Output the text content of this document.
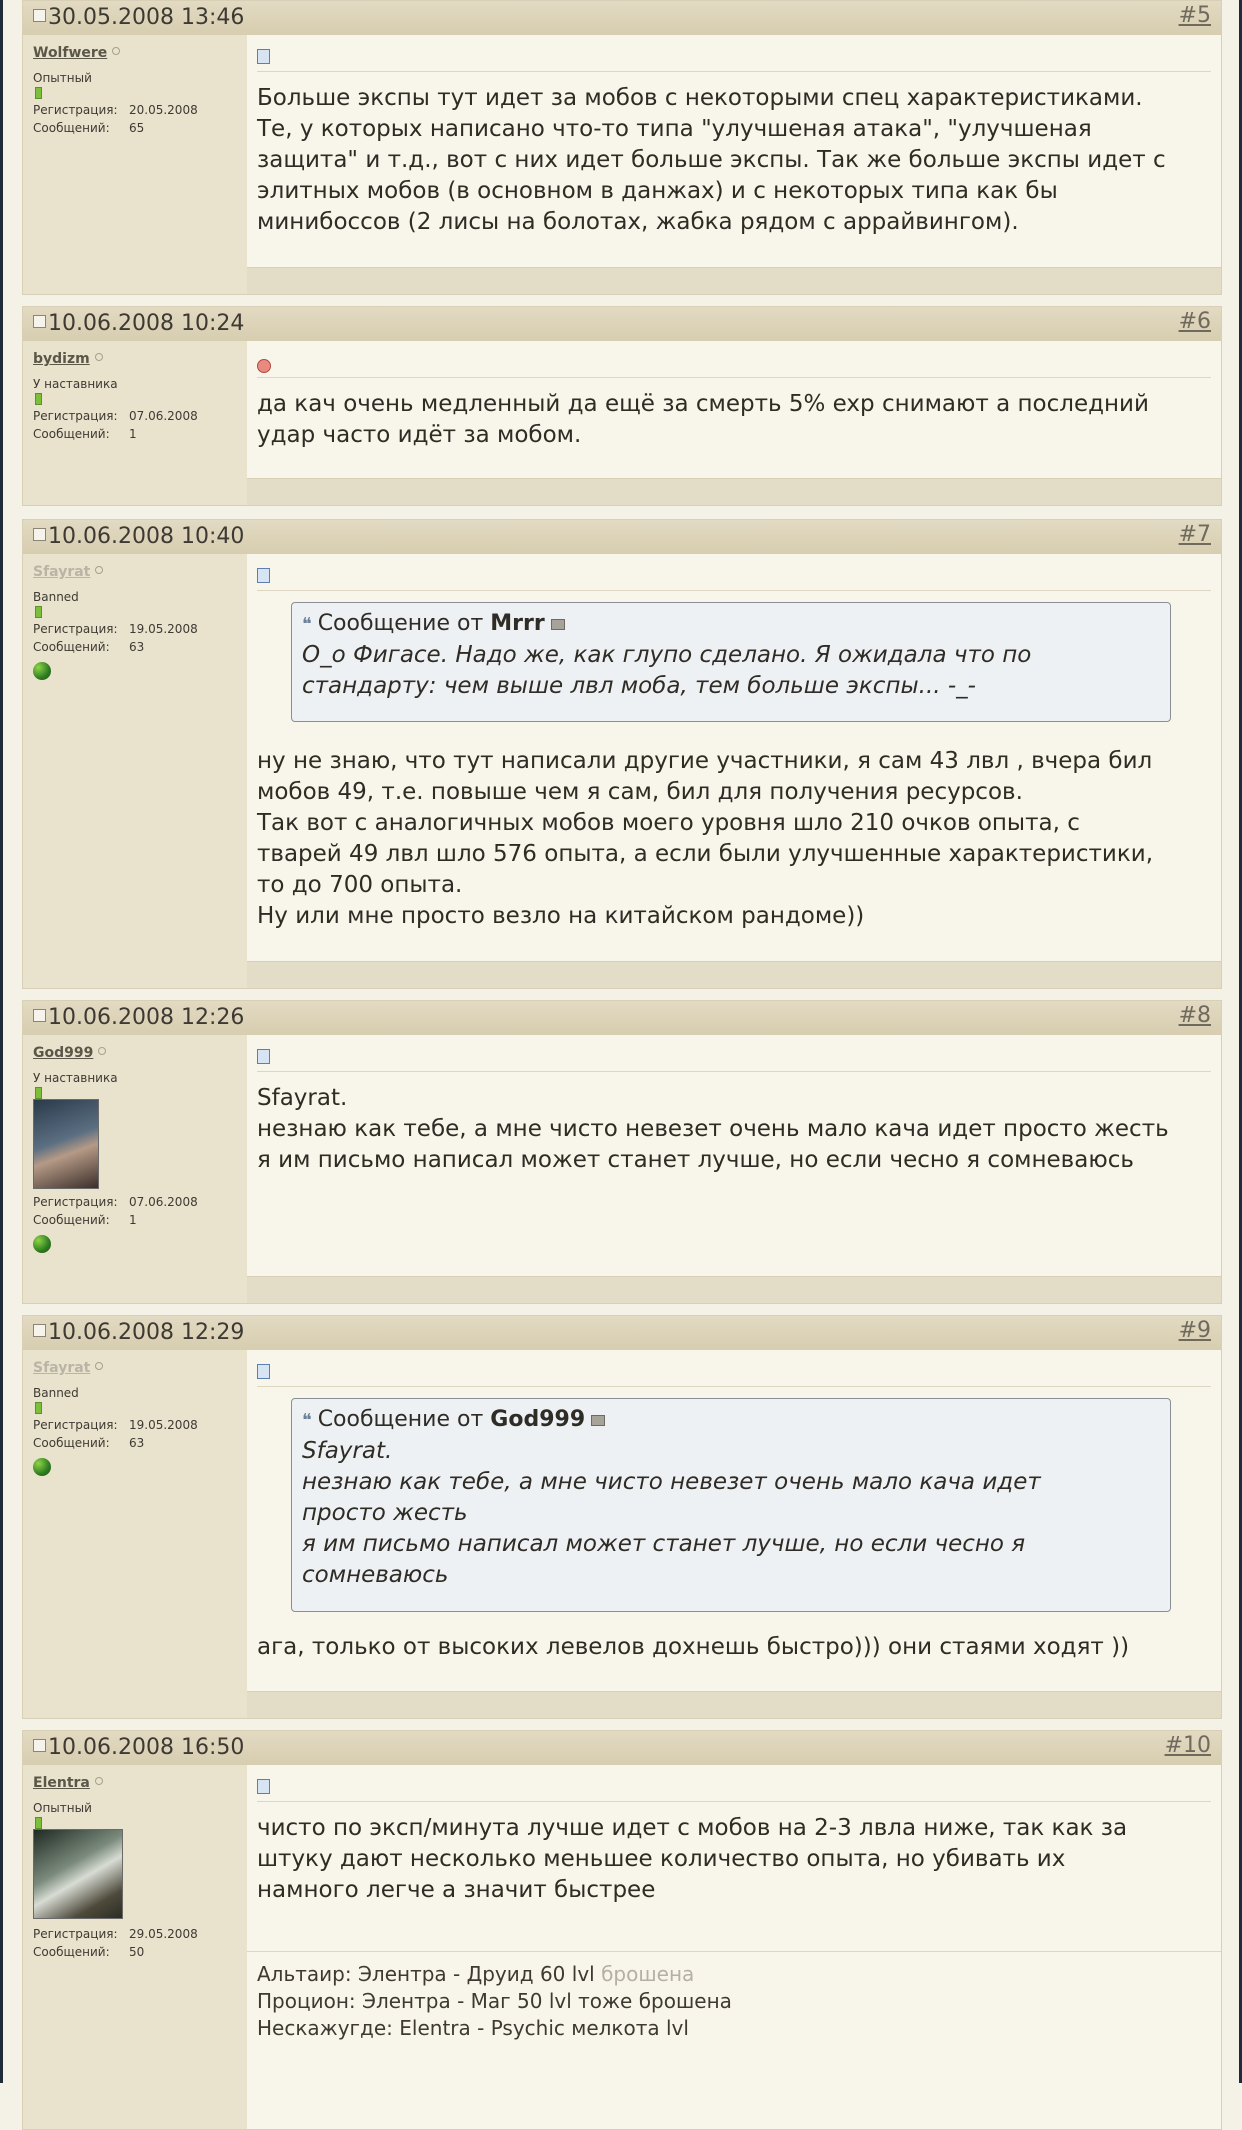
30.05.2008 13:46	#5
Wolfwere
Опытный
Регистрация: 20.05.2008
Сообщений: 65

Больше экспы тут идет за мобов с некоторыми спец характеристиками.

Те, у которых написано что-то типа "улучшеная атака", "улучшеная

защита" и т.д., вот с них идет больше экспы. Так же больше экспы идет с

элитных мобов (в основном в данжах) и с некоторых типа как бы

минибоссов (2 лисы на болотах, жабка рядом с аррайвингом).

10.06.2008 10:24	#6
bydizm
У наставника
Регистрация: 07.06.2008
Сообщений: 1

да кач очень медленный да ещё за смерть 5% exp снимают а последний

удар часто идёт за мобом.

10.06.2008 10:40	#7
Sfayrat
Banned
Регистрация: 19.05.2008
Сообщений: 63
❝ Сообщение от Mrrr

О_о Фигасе. Надо же, как глупо сделано. Я ожидала что по

стандарту: чем выше лвл моба, тем больше экспы... -_-

ну не знаю, что тут написали другие участники, я сам 43 лвл , вчера бил

мобов 49, т.е. повыше чем я сам, бил для получения ресурсов.

Так вот с аналогичных мобов моего уровня шло 210 очков опыта, с

тварей 49 лвл шло 576 опыта, а если были улучшенные характеристики,

то до 700 опыта.

Ну или мне просто везло на китайском рандоме))

10.06.2008 12:26	#8
God999
У наставника
Регистрация: 07.06.2008
Сообщений: 1

Sfayrat.

незнаю как тебе, а мне чисто невезет очень мало кача идет просто жесть

я им письмо написал может станет лучше, но если чесно я сомневаюсь

10.06.2008 12:29	#9
Sfayrat
Banned
Регистрация: 19.05.2008
Сообщений: 63
❝ Сообщение от God999

Sfayrat.

незнаю как тебе, а мне чисто невезет очень мало кача идет

просто жесть

я им письмо написал может станет лучше, но если чесно я

сомневаюсь

ага, только от высоких левелов дохнешь быстро))) они стаями ходят ))

10.06.2008 16:50	#10
Elentra
Опытный
Регистрация: 29.05.2008
Сообщений: 50

чисто по эксп/минута лучше идет с мобов на 2-3 лвла ниже, так как за

штуку дают несколько меньшее количество опыта, но убивать их

намного легче а значит быстрее

Альтаир: Элентра - Друид 60 lvl брошена
Процион: Элентра - Маг 50 lvl тоже брошена
Нескажугде: Elentra - Psychic мелкота lvl
